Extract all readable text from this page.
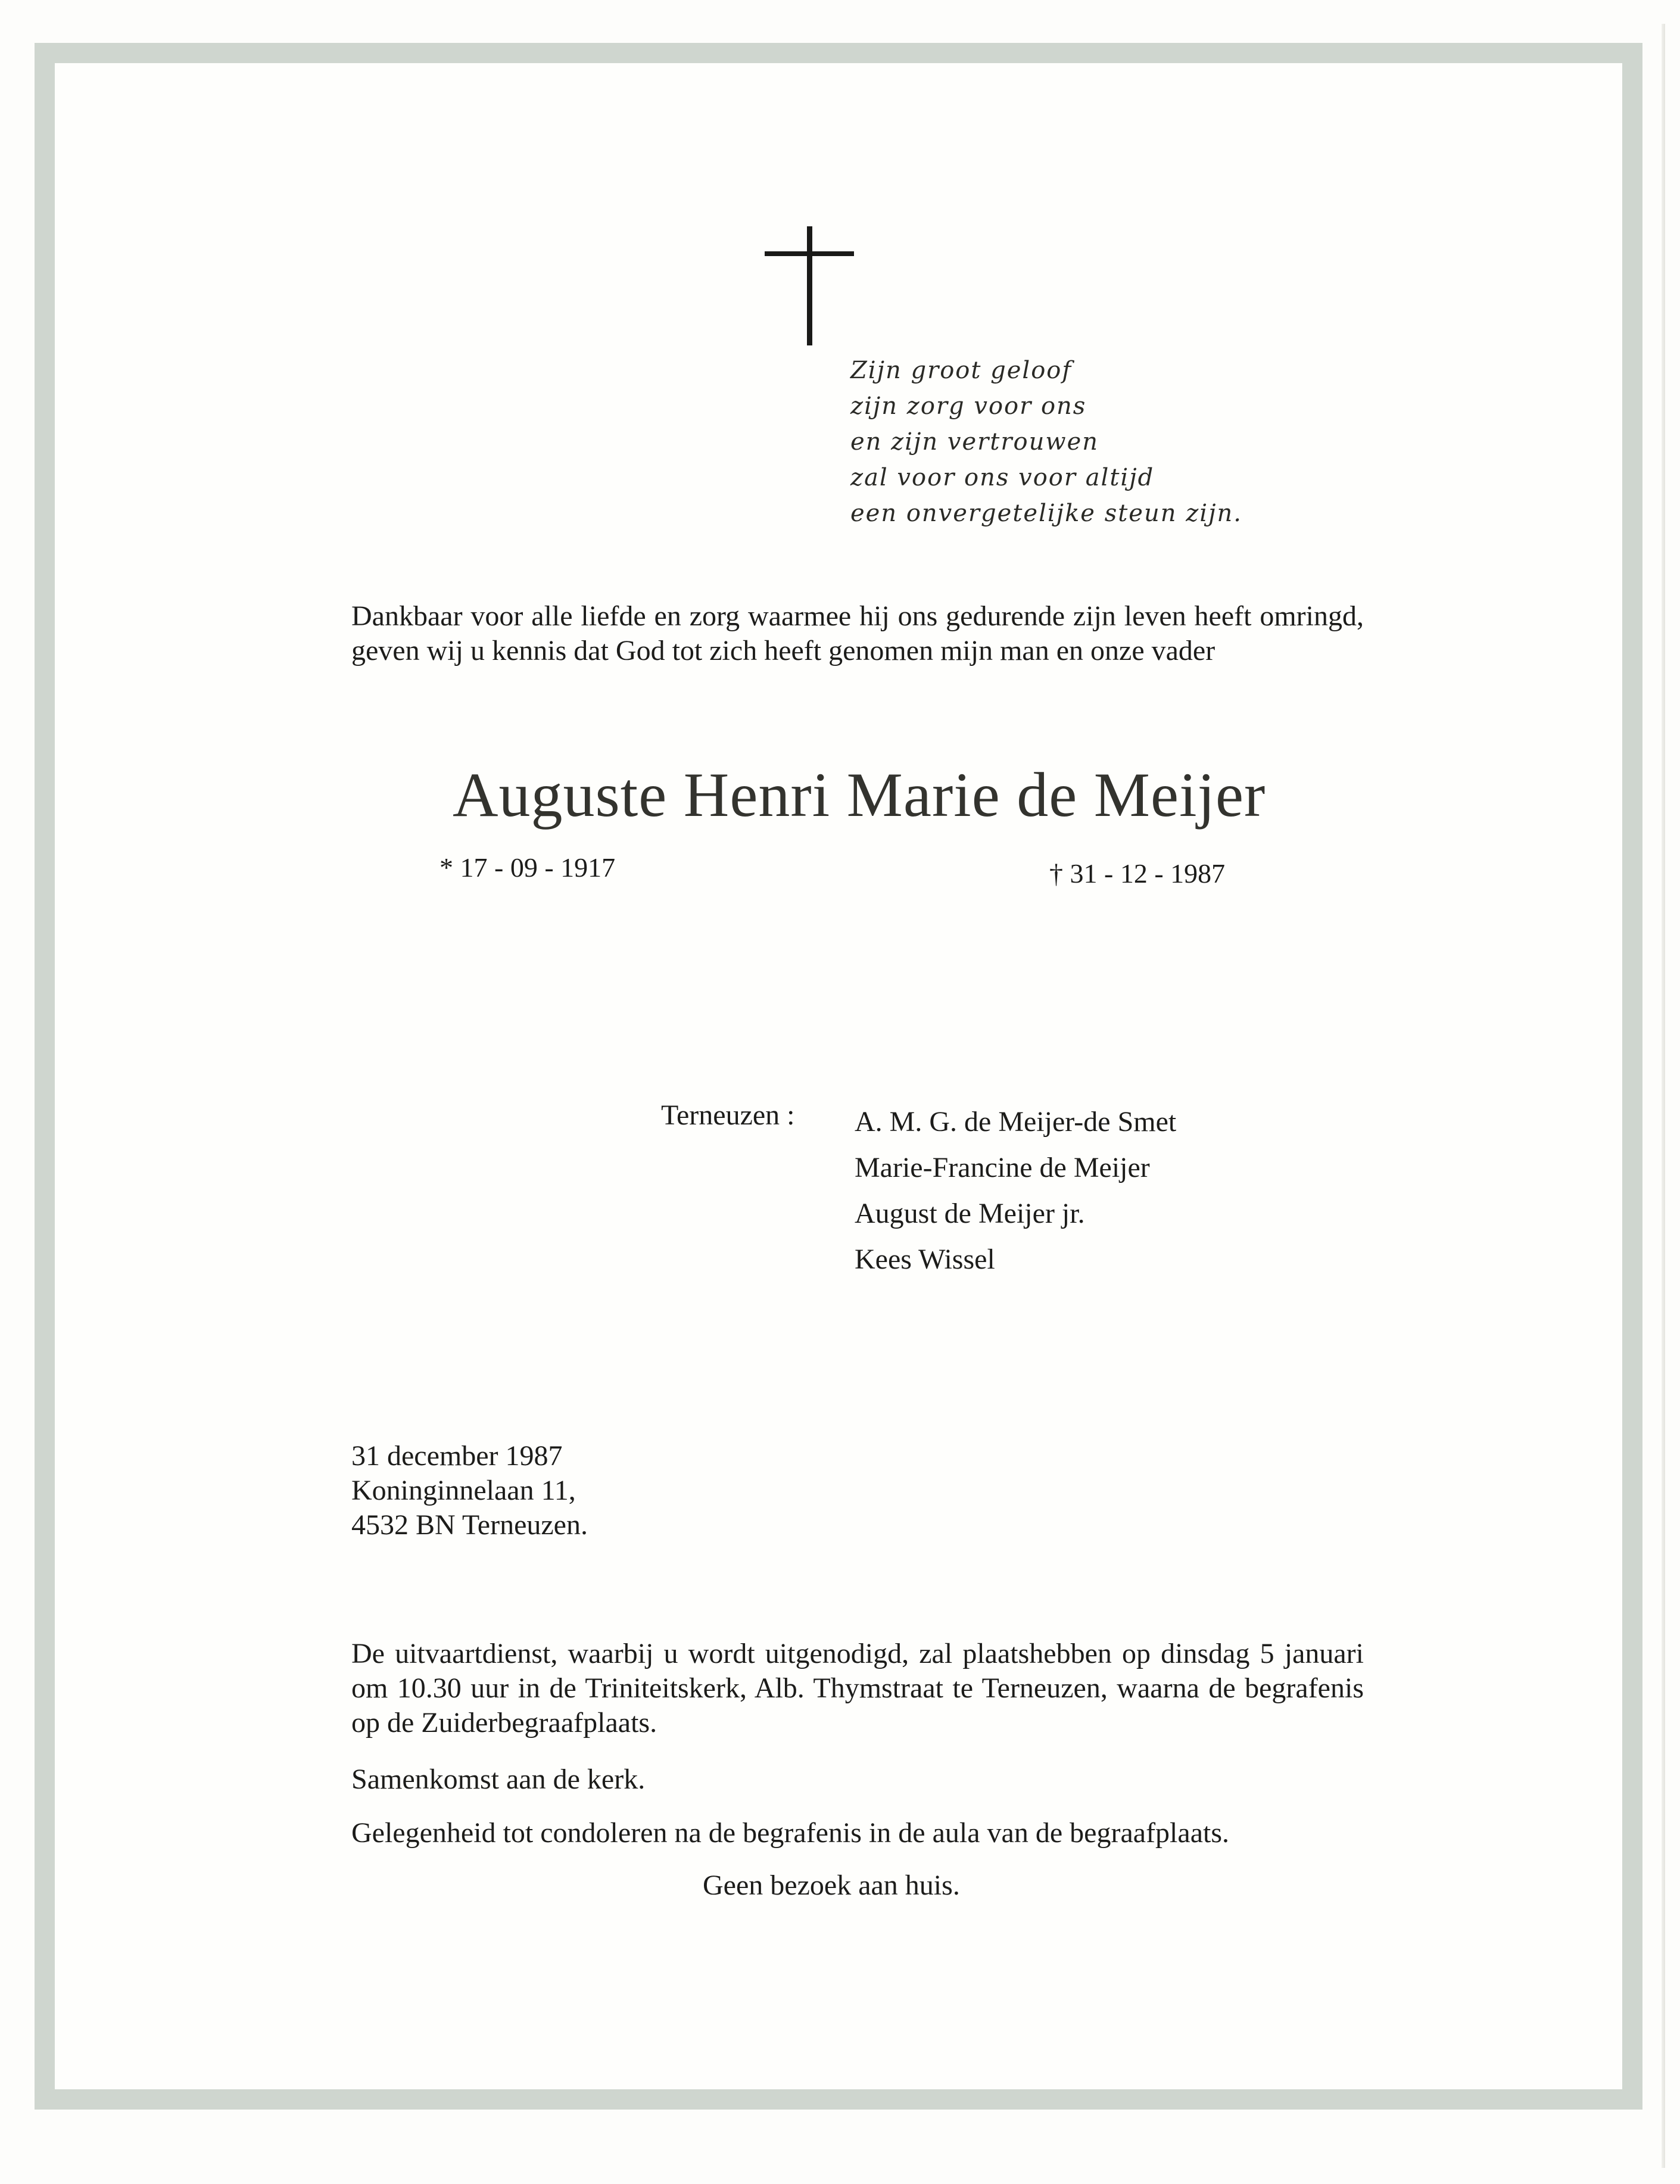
Zijn groot geloof
zijn zorg voor ons
en zijn vertrouwen
zal voor ons voor altijd
een onvergetelijke steun zijn.
Dankbaar voor alle liefde en zorg waarmee hij ons gedurende zijn leven heeft omringd, geven wij u kennis dat God tot zich heeft genomen mijn man en onze vader
Auguste Henri Marie de Meijer
* 17 - 09 - 1917	† 31 - 12 - 1987
Terneuzen : A. M. G. de Meijer-de Smet
Marie-Francine de Meijer
August de Meijer jr.
Kees Wissel
31 december 1987
Koninginnelaan 11,
4532 BN Terneuzen.
De uitvaartdienst, waarbij u wordt uitgenodigd, zal plaatshebben op dinsdag 5 januari om 10.30 uur in de Triniteitskerk, Alb. Thymstraat te Terneuzen, waarna de begrafenis op de Zuiderbegraafplaats.
Samenkomst aan de kerk.
Gelegenheid tot condoleren na de begrafenis in de aula van de begraafplaats.
Geen bezoek aan huis.
